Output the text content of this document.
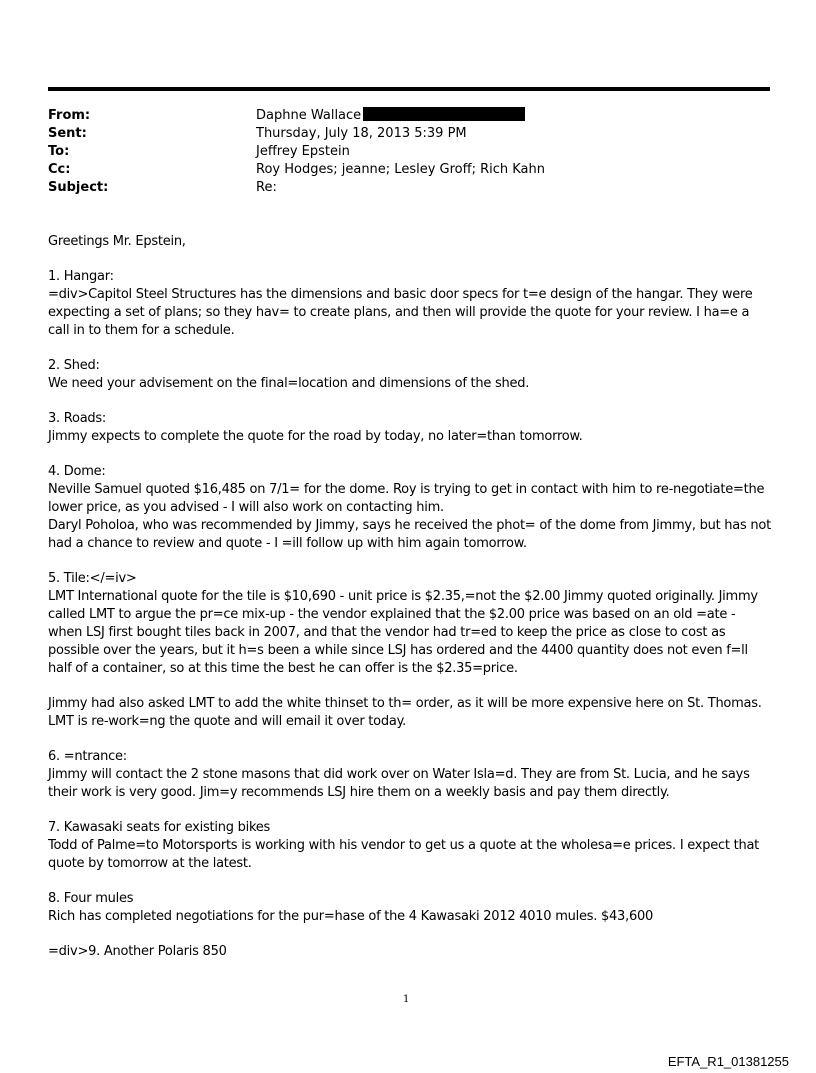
From:	Daphne Wallace
Sent:	Thursday, July 18, 2013 5:39 PM
To:	Jeffrey Epstein
Cc:	Roy Hodges; jeanne; Lesley Groff; Rich Kahn
Subject:	Re:

Greetings Mr. Epstein,

1. Hangar:

=div>Capitol Steel Structures has the dimensions and basic door specs for t=e design of the hangar. They were expecting a set of plans; so they hav= to create plans, and then will provide the quote for your review. I ha=e a call in to them for a schedule.

2. Shed:

We need your advisement on the final=location and dimensions of the shed.

3. Roads:

Jimmy expects to complete the quote for the road by today, no later=than tomorrow.

4. Dome:

Neville Samuel quoted $16,485 on 7/1= for the dome. Roy is trying to get in contact with him to re-negotiate=the lower price, as you advised - I will also work on contacting him.

Daryl Poholoa, who was recommended by Jimmy, says he received the phot= of the dome from Jimmy, but has not had a chance to review and quote - I =ill follow up with him again tomorrow.

5. Tile:</=iv>

LMT International quote for the tile is $10,690 - unit price is $2.35,=not the $2.00 Jimmy quoted originally. Jimmy called LMT to argue the pr=ce mix-up - the vendor explained that the $2.00 price was based on an old =ate - when LSJ first bought tiles back in 2007, and that the vendor had tr=ed to keep the price as close to cost as possible over the years, but it h=s been a while since LSJ has ordered and the 4400 quantity does not even f=ll half of a container, so at this time the best he can offer is the $2.35=price.

Jimmy had also asked LMT to add the white thinset to th= order, as it will be more expensive here on St. Thomas. LMT is re-work=ng the quote and will email it over today.

6. =ntrance:

Jimmy will contact the 2 stone masons that did work over on Water Isla=d. They are from St. Lucia, and he says their work is very good. Jim=y recommends LSJ hire them on a weekly basis and pay them directly.

7. Kawasaki seats for existing bikes

Todd of Palme=to Motorsports is working with his vendor to get us a quote at the wholesa=e prices. I expect that quote by tomorrow at the latest.

8. Four mules

Rich has completed negotiations for the pur=hase of the 4 Kawasaki 2012 4010 mules. $43,600

=div>9. Another Polaris 850

1
EFTA_R1_01381255
